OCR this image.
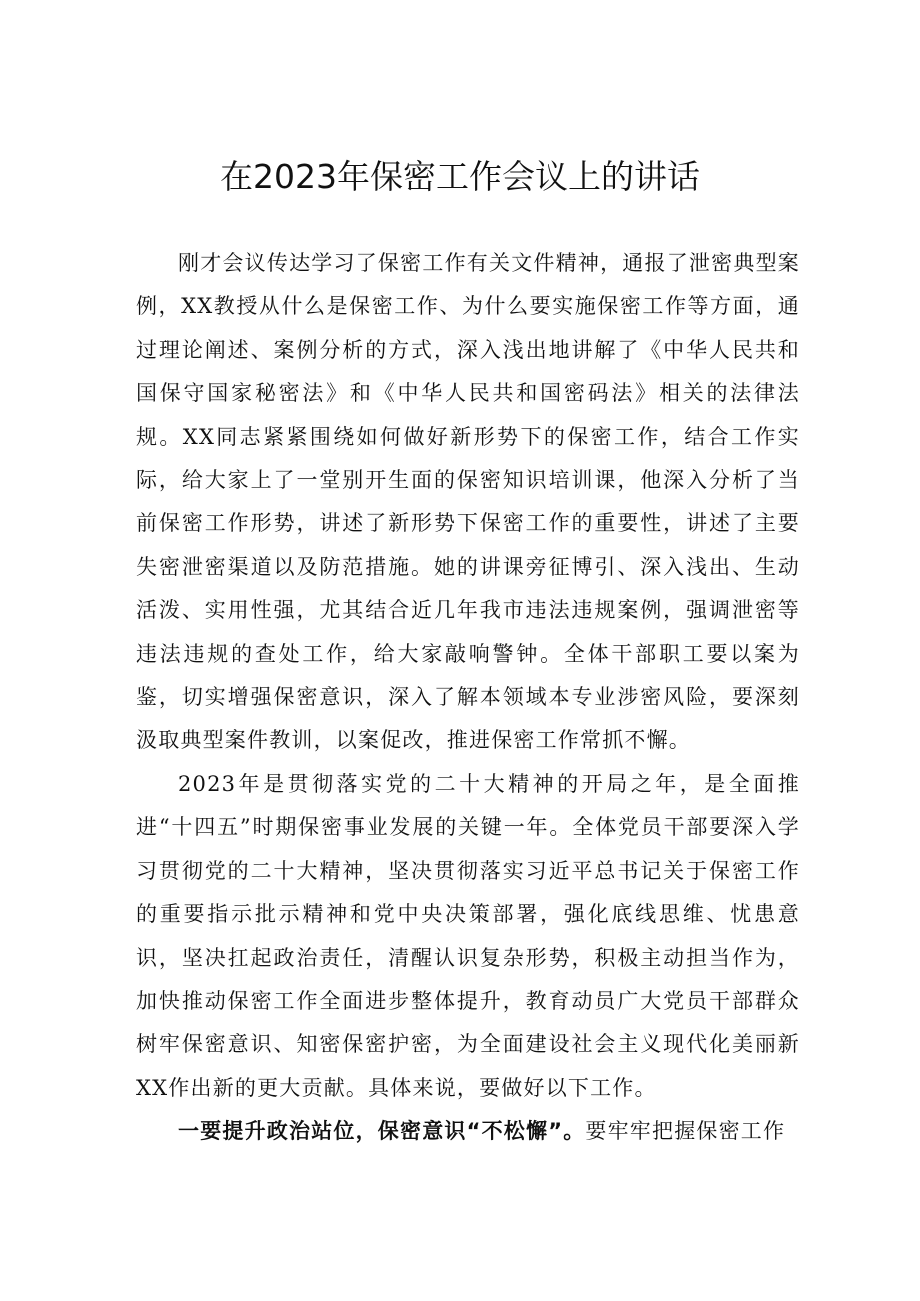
在2023年保密工作会议上的讲话

刚才会议传达学习了保密工作有关文件精神，通报了泄密典型案例，XX教授从什么是保密工作、为什么要实施保密工作等方面，通过理论阐述、案例分析的方式，深入浅出地讲解了《中华人民共和国保守国家秘密法》和《中华人民共和国密码法》相关的法律法规。XX同志紧紧围绕如何做好新形势下的保密工作，结合工作实际，给大家上了一堂别开生面的保密知识培训课，他深入分析了当前保密工作形势，讲述了新形势下保密工作的重要性，讲述了主要失密泄密渠道以及防范措施。她的讲课旁征博引、深入浅出、生动活泼、实用性强，尤其结合近几年我市违法违规案例，强调泄密等违法违规的查处工作，给大家敲响警钟。全体干部职工要以案为鉴，切实增强保密意识，深入了解本领域本专业涉密风险，要深刻汲取典型案件教训，以案促改，推进保密工作常抓不懈。

2023年是贯彻落实党的二十大精神的开局之年，是全面推进“十四五”时期保密事业发展的关键一年。全体党员干部要深入学习贯彻党的二十大精神，坚决贯彻落实习近平总书记关于保密工作的重要指示批示精神和党中央决策部署，强化底线思维、忧患意识，坚决扛起政治责任，清醒认识复杂形势，积极主动担当作为，加快推动保密工作全面进步整体提升，教育动员广大党员干部群众树牢保密意识、知密保密护密，为全面建设社会主义现代化美丽新XX作出新的更大贡献。具体来说，要做好以下工作。

一要提升政治站位，保密意识“不松懈”。要牢牢把握保密工作
